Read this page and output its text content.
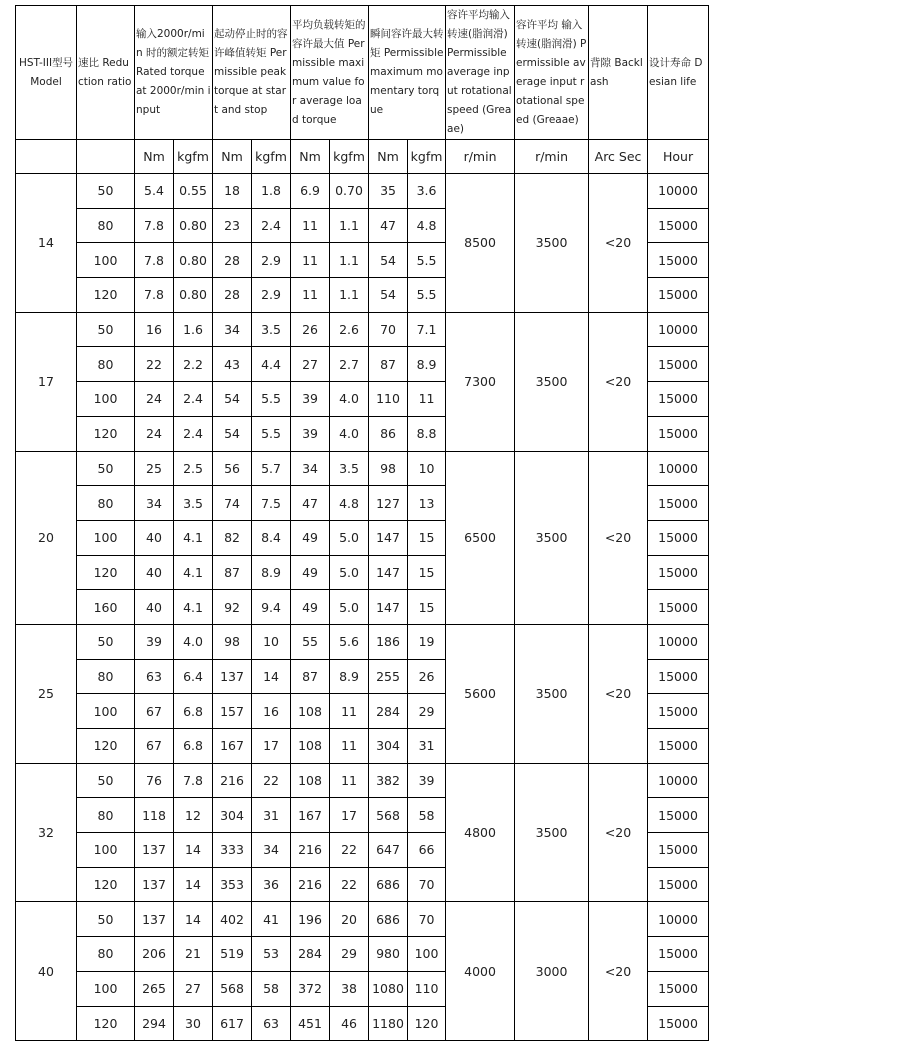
HST-III型号 Model	速比 Reduction ratio	输入2000r/min 时的额定转矩 Rated torque at 2000r/min input		起动停止时的容许峰值转矩 Permissible peak torque at start and stop		平均负载转矩的容许最大值 Permissible maximum value for average load torque		瞬间容许最大转矩 Permissible maximum momentary torque		容许平均输入转速(脂润滑) Permissible average input rotational speed (Greaae)	容许平均 输入转速(脂润滑) Permissible average input rotational speed (Greaae)	背隙 Backlash	设计寿命 Desian life
		Nm	kgfm	Nm	kgfm	Nm	kgfm	Nm	kgfm	r/min	r/min	Arc Sec	Hour
14	50	5.4	0.55	18	1.8	6.9	0.70	35	3.6	8500	3500	<20	10000
	80	7.8	0.80	23	2.4	11	1.1	47	4.8				15000
	100	7.8	0.80	28	2.9	11	1.1	54	5.5				15000
	120	7.8	0.80	28	2.9	11	1.1	54	5.5				15000
17	50	16	1.6	34	3.5	26	2.6	70	7.1	7300	3500	<20	10000
	80	22	2.2	43	4.4	27	2.7	87	8.9				15000
	100	24	2.4	54	5.5	39	4.0	110	11				15000
	120	24	2.4	54	5.5	39	4.0	86	8.8				15000
20	50	25	2.5	56	5.7	34	3.5	98	10	6500	3500	<20	10000
	80	34	3.5	74	7.5	47	4.8	127	13				15000
	100	40	4.1	82	8.4	49	5.0	147	15				15000
	120	40	4.1	87	8.9	49	5.0	147	15				15000
	160	40	4.1	92	9.4	49	5.0	147	15				15000
25	50	39	4.0	98	10	55	5.6	186	19	5600	3500	<20	10000
	80	63	6.4	137	14	87	8.9	255	26				15000
	100	67	6.8	157	16	108	11	284	29				15000
	120	67	6.8	167	17	108	11	304	31				15000
32	50	76	7.8	216	22	108	11	382	39	4800	3500	<20	10000
	80	118	12	304	31	167	17	568	58				15000
	100	137	14	333	34	216	22	647	66				15000
	120	137	14	353	36	216	22	686	70				15000
40	50	137	14	402	41	196	20	686	70	4000	3000	<20	10000
	80	206	21	519	53	284	29	980	100				15000
	100	265	27	568	58	372	38	1080	110				15000
	120	294	30	617	63	451	46	1180	120				15000
